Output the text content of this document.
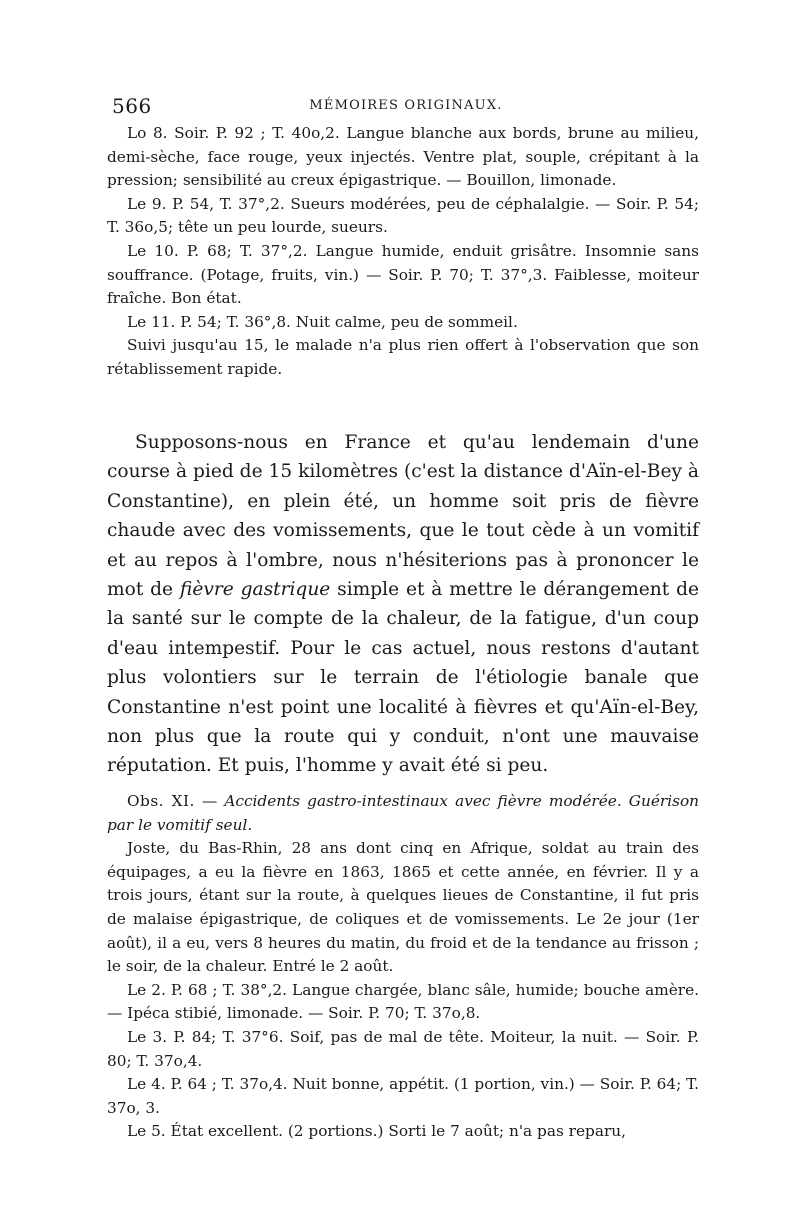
566	MÉMOIRES ORIGINAUX.

Lo 8. Soir. P. 92 ; T. 40o,2. Langue blanche aux bords, brune au milieu, demi-sèche, face rouge, yeux injectés. Ventre plat, souple, crépitant à la pression; sensibilité au creux épigastrique. — Bouillon, limonade.

Le 9. P. 54, T. 37°,2. Sueurs modérées, peu de céphalalgie. — Soir. P. 54; T. 36o,5; tête un peu lourde, sueurs.

Le 10. P. 68; T. 37°,2. Langue humide, enduit grisâtre. Insomnie sans souffrance. (Potage, fruits, vin.) — Soir. P. 70; T. 37°,3. Faiblesse, moiteur fraîche. Bon état.

Le 11. P. 54; T. 36°,8. Nuit calme, peu de sommeil.

Suivi jusqu'au 15, le malade n'a plus rien offert à l'observation que son rétablissement rapide.

Supposons-nous en France et qu'au lendemain d'une course à pied de 15 kilomètres (c'est la distance d'Aïn-el-Bey à Constantine), en plein été, un homme soit pris de fièvre chaude avec des vomissements, que le tout cède à un vomitif et au repos à l'ombre, nous n'hésiterions pas à prononcer le mot de fièvre gastrique simple et à mettre le dérangement de la santé sur le compte de la chaleur, de la fatigue, d'un coup d'eau intempestif. Pour le cas actuel, nous restons d'autant plus volontiers sur le terrain de l'étiologie banale que Constantine n'est point une localité à fièvres et qu'Aïn-el-Bey, non plus que la route qui y conduit, n'ont une mauvaise réputation. Et puis, l'homme y avait été si peu.

Obs. XI. — Accidents gastro-intestinaux avec fièvre modérée. Guérison par le vomitif seul.

Joste, du Bas-Rhin, 28 ans dont cinq en Afrique, soldat au train des équipages, a eu la fièvre en 1863, 1865 et cette année, en février. Il y a trois jours, étant sur la route, à quelques lieues de Constantine, il fut pris de malaise épigastrique, de coliques et de vomissements. Le 2e jour (1er août), il a eu, vers 8 heures du matin, du froid et de la tendance au frisson ; le soir, de la chaleur. Entré le 2 août.

Le 2. P. 68 ; T. 38°,2. Langue chargée, blanc sâle, humide; bouche amère. — Ipéca stibié, limonade. — Soir. P. 70; T. 37o,8.

Le 3. P. 84; T. 37°6. Soif, pas de mal de tête. Moiteur, la nuit. — Soir. P. 80; T. 37o,4.

Le 4. P. 64 ; T. 37o,4. Nuit bonne, appétit. (1 portion, vin.) — Soir. P. 64; T. 37o, 3.

Le 5. État excellent. (2 portions.) Sorti le 7 août; n'a pas reparu,
